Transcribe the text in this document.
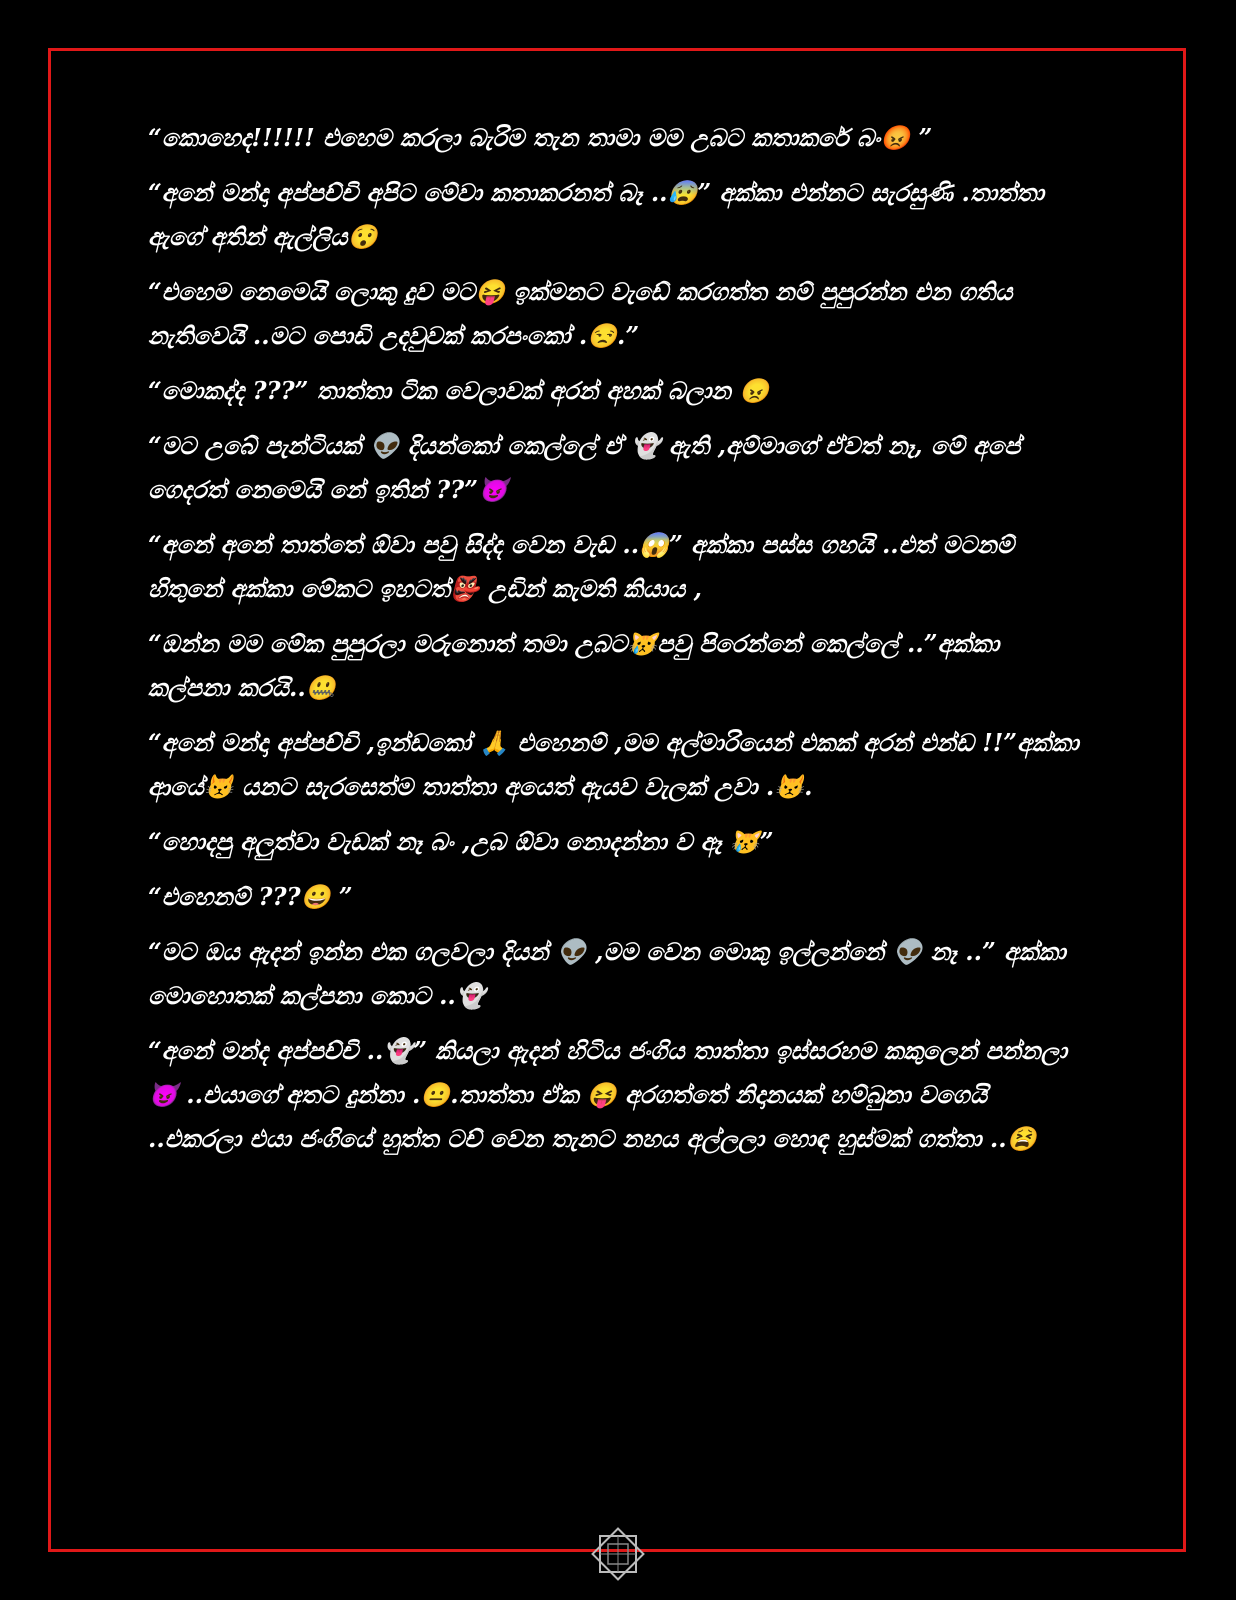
“කොහෙද!!!!!! එහෙම කරලා බැරිම තැන තාමා මම උබට කතාකරේ බං😡 ”

“අනේ මන්දා අප්පච්චි අපිට මේවා කතාකරනත් බෑ ..😰” අක්කා එන්නට සැරසුණි .තාත්තා ඇගේ අතින් ඇල්ලිය😯

“එහෙම නෙමෙයි ලොකු දුව මට😝 ඉක්මනට වැඩේ කරගත්ත නම් පුපුරන්න එන ගතිය නැතිවෙයි ..මට පොඩි උදවුවක් කරපංකෝ .😒.”

“මොකද්ද ???” තාත්තා ටික වෙලාවක් අරන් අහක් බලාන 😠

“මට උබේ පැන්ටියක් 👽 දියන්කෝ කෙල්ලේ ඒ 👻 ඇති ,අම්මාගේ ඒවත් නෑ, මේ අපේ ගෙදරත් නෙමෙයි නේ ඉතින් ??”😈

“අනේ අනේ තාත්තේ ඕවා පවු සිද්ද වෙන වැඩ ..😱” අක්කා පස්ස ගහයි ..එත් මටනම් හිතුනේ අක්කා මේකට ඉහටත්👺 උඩින් කැමති කියාය ,

“ඔන්න මම මේක පුපුරලා මරුනොත් තමා උබට😿පවු පිරෙන්නේ කෙල්ලේ ..”අක්කා කල්පනා කරයි..🤐

“අනේ මන්දා අප්පච්චි ,ඉන්ඩකෝ 🙏 එහෙනම් ,මම අල්මාරියෙන් එකක් අරන් එන්ඩ !!”අක්කා ආයේ😾 යනට සැරසෙත්ම තාත්තා අයෙත් ඇයව වැලක් උවා .😾.

“හොදපු අලුත්වා වැඩක් නෑ බං ,උබ ඕවා නොදන්නා ව ඈ 😿”

“එහෙනම් ???😀 ”

“මට ඔය ඇදන් ඉන්න එක ගලවලා දියන් 👽 ,මම වෙන මොකු ඉල්ලන්නේ 👽 නෑ ..” අක්කා මොහොතක් කල්පනා කොට ..👻

“අනේ මන්ද අප්පච්චි ..👻” කියලා ඇදන් හිටිය ජංගිය තාත්තා ඉස්සරහම කකුලෙන් පන්නලා😈 ..එයාගේ අතට දුන්නා .😐.තාත්තා ඒක 😝 අරගත්තේ නිදානයක් හම්බුනා වගෙයි ..එකරලා එයා ජංගියේ හුත්ත ටච් වෙන තැනට නහය අල්ලලා හොඳ හුස්මක් ගත්තා ..😫
